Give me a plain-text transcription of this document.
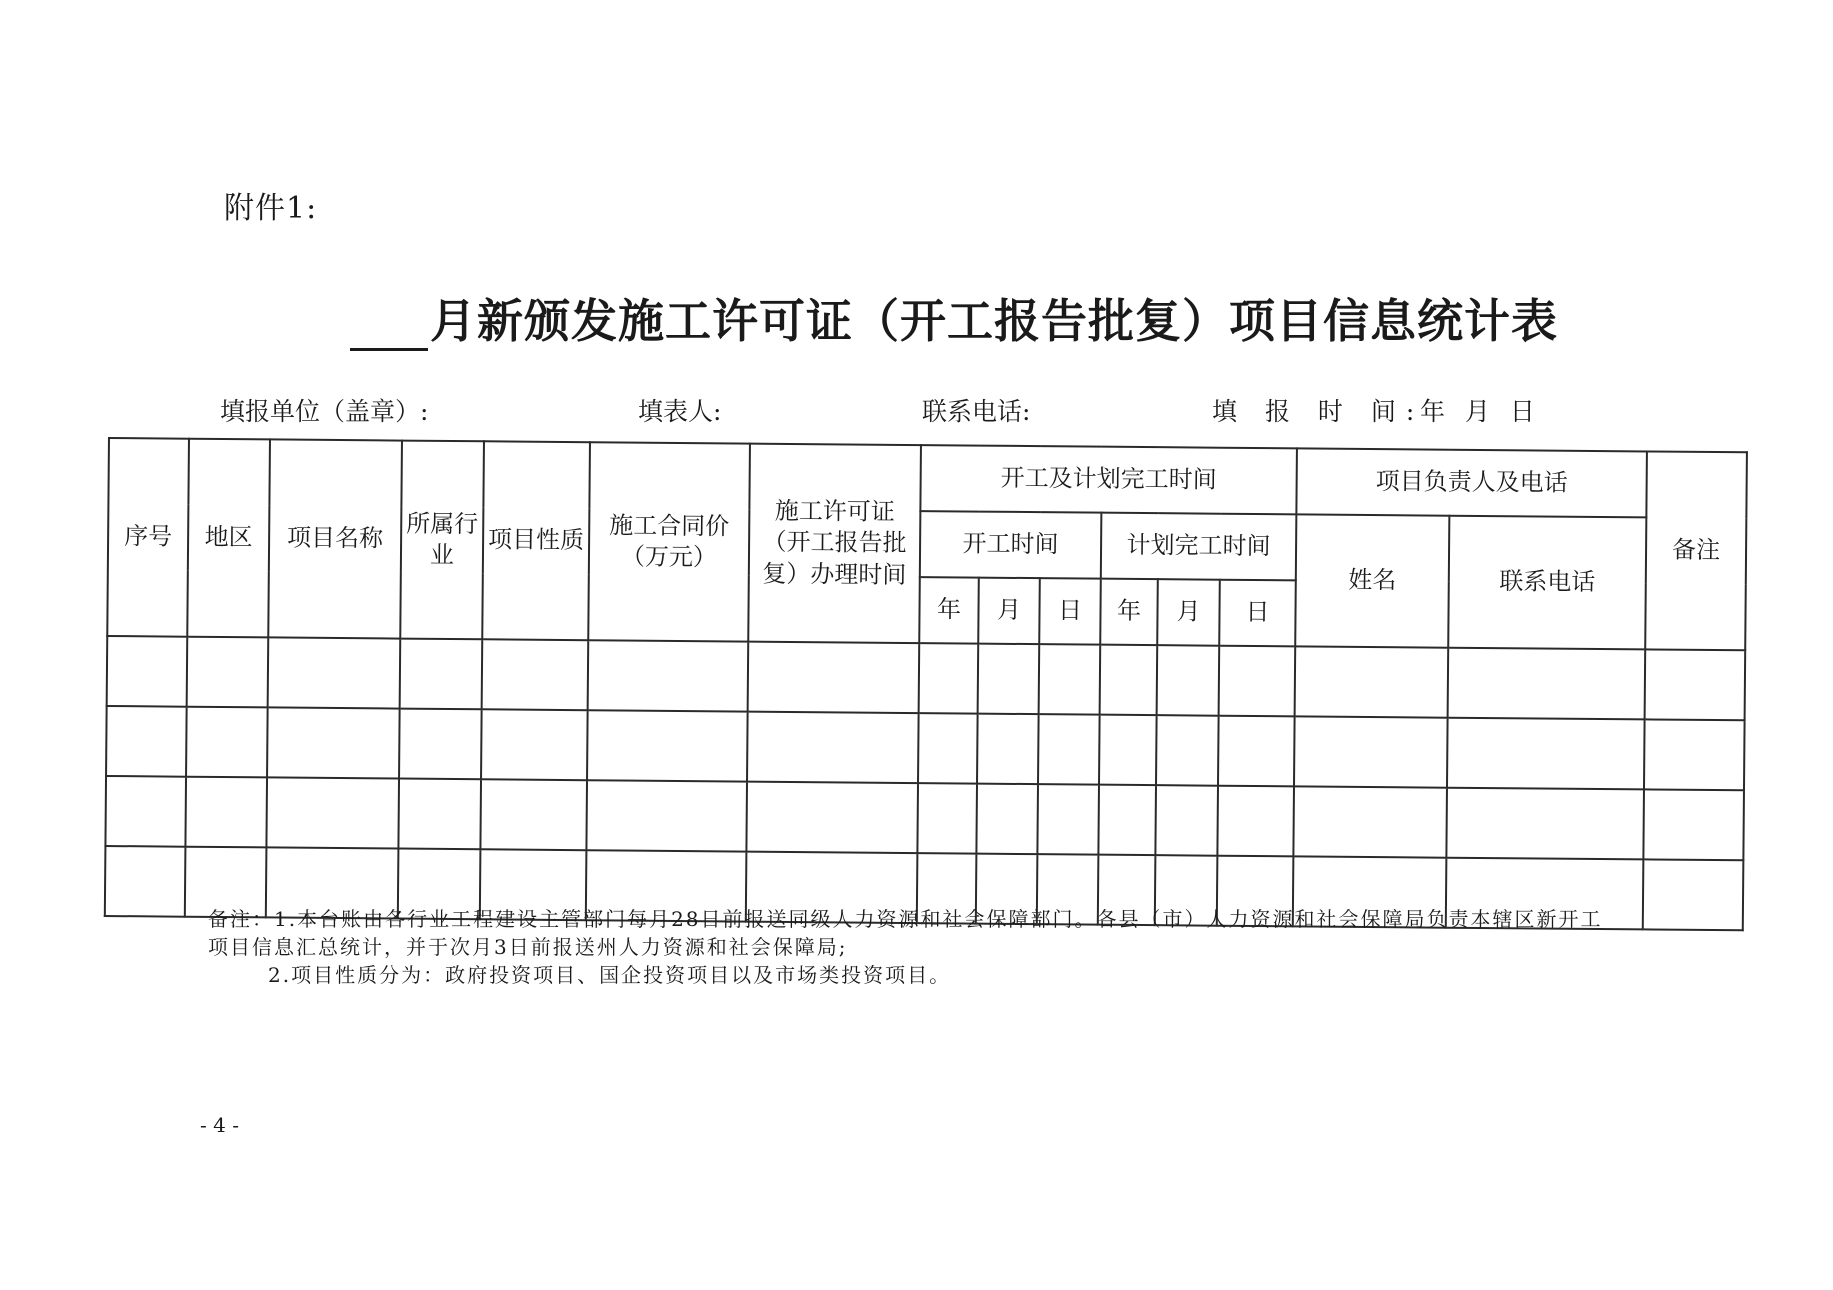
附件1:
月新颁发施工许可证（开工报告批复）项目信息统计表
填报单位（盖章）:	填表人:	联系电话:	填 报 时 间:
年 月 日
序号	地区	项目名称	所属行业	项目性质	施工合同价（万元）	施工许可证（开工报告批复）办理时间	开工及计划完工时间						项目负责人及电话		备注
							开工时间			计划完工时间			姓名	联系电话	
							年	月	日	年	月	日			

备注：1.本台账由各行业工程建设主管部门每月28日前报送同级人力资源和社会保障部门。各县（市）人力资源和社会保障局负责本辖区新开工
项目信息汇总统计，并于次月3日前报送州人力资源和社会保障局;
2.项目性质分为：政府投资项目、国企投资项目以及市场类投资项目。
- 4 -
